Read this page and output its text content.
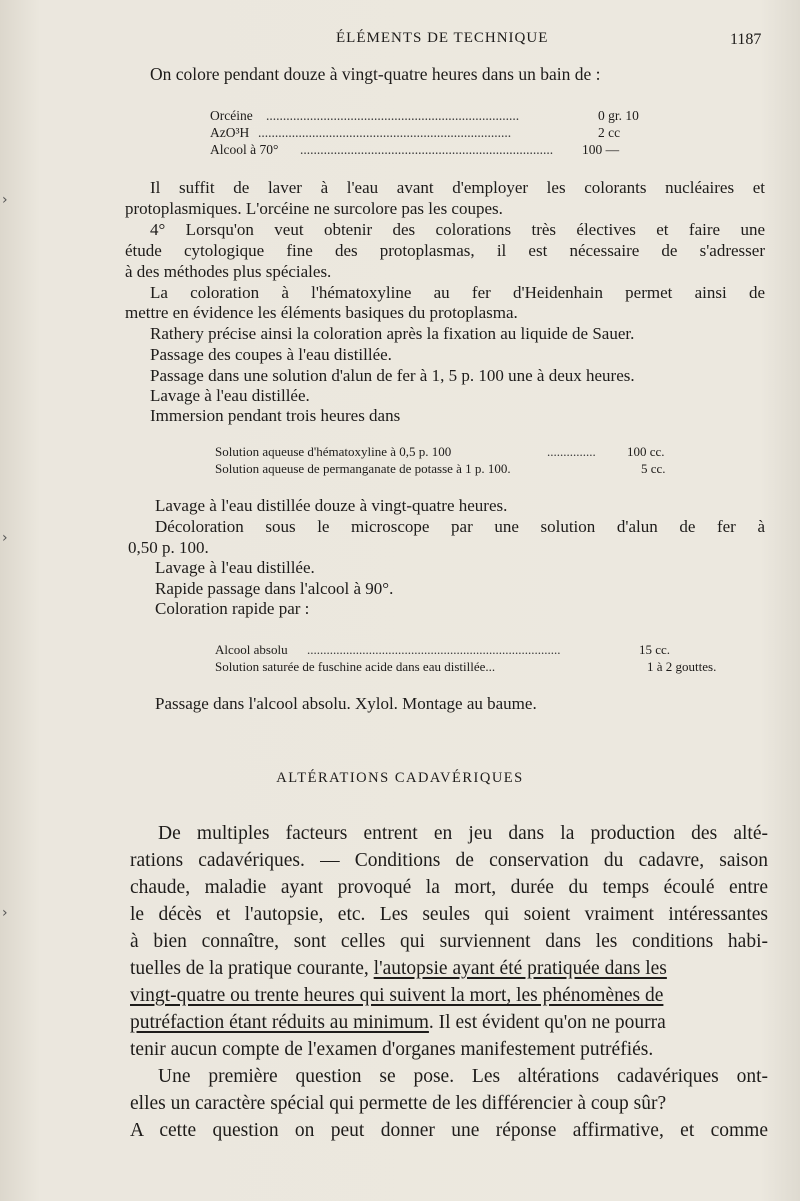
ÉLÉMENTS DE TECHNIQUE	1187

On colore pendant douze à vingt-quatre heures dans un bain de :

Orcéine ...........................................................................	0 gr. 10
AzO³H ...........................................................................	2 cc
Alcool à 70° ...........................................................................	100 —
Il suffit de laver à l'eau avant d'employer les colorants nucléaires et
protoplasmiques. L'orcéine ne surcolore pas les coupes.
4° Lorsqu'on veut obtenir des colorations très électives et faire une
étude cytologique fine des protoplasmas, il est nécessaire de s'adresser
à des méthodes plus spéciales.
La coloration à l'hématoxyline au fer d'Heidenhain permet ainsi de
mettre en évidence les éléments basiques du protoplasma.
Rathery précise ainsi la coloration après la fixation au liquide de Sauer.
Passage des coupes à l'eau distillée.
Passage dans une solution d'alun de fer à 1, 5 p. 100 une à deux heures.
Lavage à l'eau distillée.
Immersion pendant trois heures dans
Solution aqueuse d'hématoxyline à 0,5 p. 100	...............	100 cc.
Solution aqueuse de permanganate de potasse à 1 p. 100.	5 cc.
Lavage à l'eau distillée douze à vingt-quatre heures.
Décoloration sous le microscope par une solution d'alun de fer à
0,50 p. 100.
Lavage à l'eau distillée.
Rapide passage dans l'alcool à 90°.
Coloration rapide par :
Alcool absolu ..............................................................................	15 cc.
Solution saturée de fuschine acide dans eau distillée...	1 à 2 gouttes.
Passage dans l'alcool absolu. Xylol. Montage au baume.
ALTÉRATIONS CADAVÉRIQUES
De multiples facteurs entrent en jeu dans la production des alté-
rations cadavériques. — Conditions de conservation du cadavre, saison
chaude, maladie ayant provoqué la mort, durée du temps écoulé entre
le décès et l'autopsie, etc. Les seules qui soient vraiment intéressantes
à bien connaître, sont celles qui surviennent dans les conditions habi-
tuelles de la pratique courante, l'autopsie ayant été pratiquée dans les
vingt-quatre ou trente heures qui suivent la mort, les phénomènes de
putréfaction étant réduits au minimum. Il est évident qu'on ne pourra
tenir aucun compte de l'examen d'organes manifestement putréfiés.
Une première question se pose. Les altérations cadavériques ont-
elles un caractère spécial qui permette de les différencier à coup sûr?
A cette question on peut donner une réponse affirmative, et comme
›
›
›
